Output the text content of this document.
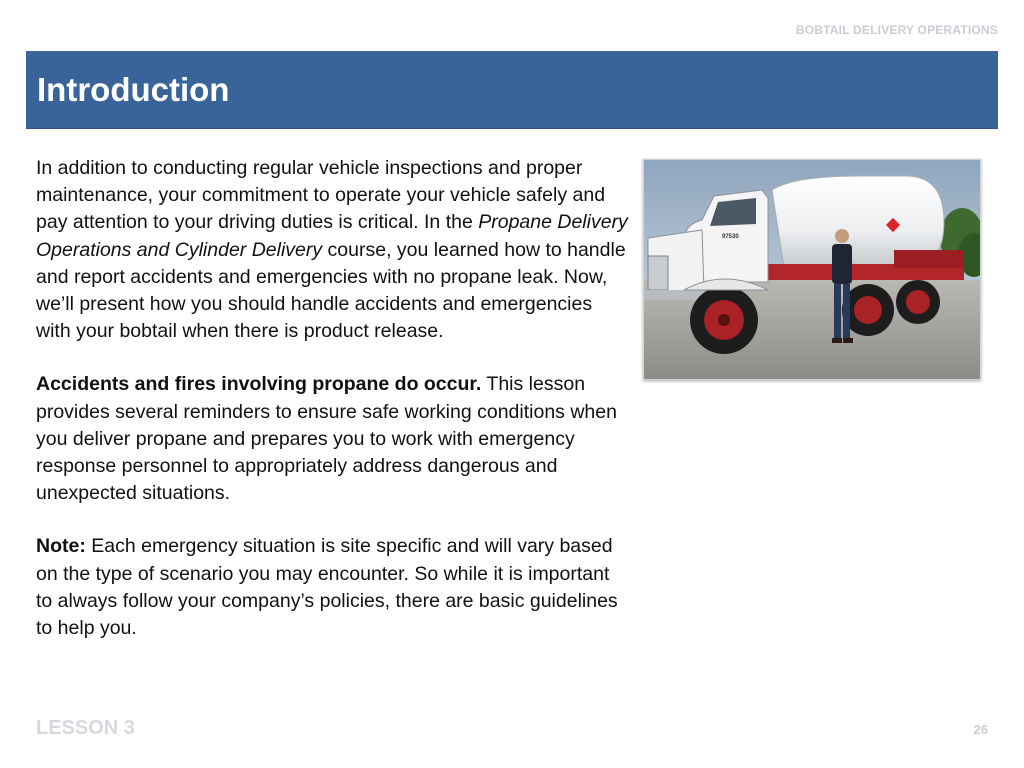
BOBTAIL DELIVERY OPERATIONS
Introduction

In addition to conducting regular vehicle inspections and proper maintenance, your commitment to operate your vehicle safely and pay attention to your driving duties is critical. In the Propane Delivery Operations and Cylinder Delivery course, you learned how to handle and report accidents and emergencies with no propane leak. Now, we’ll present how you should handle accidents and emergencies with your bobtail when there is product release.

Accidents and fires involving propane do occur. This lesson provides several reminders to ensure safe working conditions when you deliver propane and prepares you to work with emergency response personnel to appropriately address dangerous and unexpected situations.

Note: Each emergency situation is site specific and will vary based on the type of scenario you may encounter. So while it is important to always follow your company’s policies, there are basic guidelines to help you.

97530
LESSON 3	26
